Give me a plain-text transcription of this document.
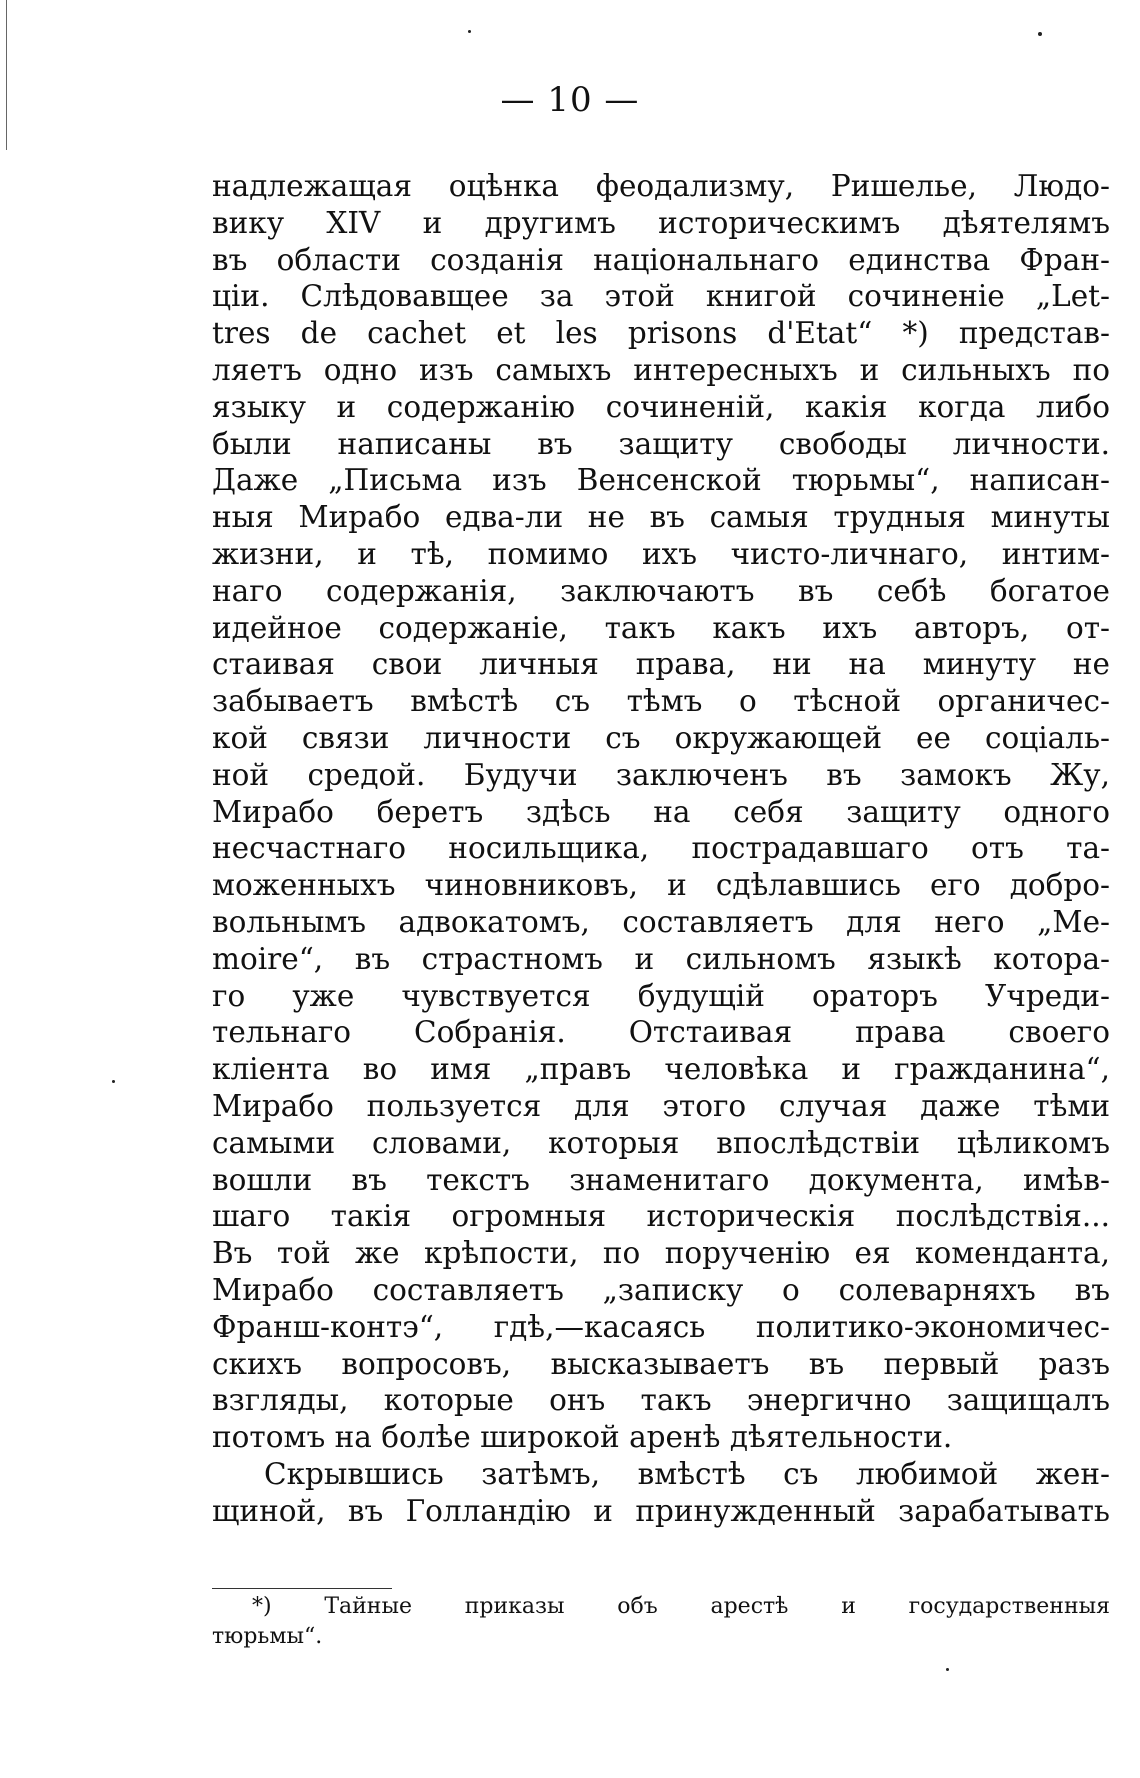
— 10 —
надлежащая оцѣнка феодализму, Ришелье, Людо-
вику XIV и другимъ историческимъ дѣятелямъ
въ области созданія національнаго единства Фран-
ціи. Слѣдовавщее за этой книгой сочиненіе „Let-
tres de cachet et les prisons d'Etat“ *) представ-
ляетъ одно изъ самыхъ интересныхъ и сильныхъ по
языку и содержанію сочиненій, какія когда либо
были написаны въ защиту свободы личности.
Даже „Письма изъ Венсенской тюрьмы“, написан-
ныя Мирабо едва-ли не въ самыя трудныя минуты
жизни, и тѣ, помимо ихъ чисто-личнаго, интим-
наго содержанія, заключаютъ въ себѣ богатое
идейное содержаніе, такъ какъ ихъ авторъ, от-
стаивая свои личныя права, ни на минуту не
забываетъ вмѣстѣ съ тѣмъ о тѣсной органичес-
кой связи личности съ окружающей ее соціаль-
ной средой. Будучи заключенъ въ замокъ Жу,
Мирабо беретъ здѣсь на себя защиту одного
несчастнаго носильщика, пострадавшаго отъ та-
моженныхъ чиновниковъ, и сдѣлавшись его добро-
вольнымъ адвокатомъ, составляетъ для него „Me-
moire“, въ страстномъ и сильномъ языкѣ котора-
го уже чувствуется будущій ораторъ Учреди-
тельнаго Собранія. Отстаивая права своего
кліента во имя „правъ человѣка и гражданина“,
Мирабо пользуется для этого случая даже тѣми
самыми словами, которыя впослѣдствіи цѣликомъ
вошли въ текстъ знаменитаго документа, имѣв-
шаго такія огромныя историческія послѣдствія...
Въ той же крѣпости, по порученію ея коменданта,
Мирабо составляетъ „записку о солеварняхъ въ
Франш-контэ“, гдѣ,—касаясь политико-экономичес-
скихъ вопросовъ, высказываетъ въ первый разъ
взгляды, которые онъ такъ энергично защищалъ
потомъ на болѣе широкой аренѣ дѣятельности.
Скрывшись затѣмъ, вмѣстѣ съ любимой жен-
щиной, въ Голландію и принужденный зарабатывать
*) Тайные приказы объ арестѣ и государственныя
тюрьмы“.
